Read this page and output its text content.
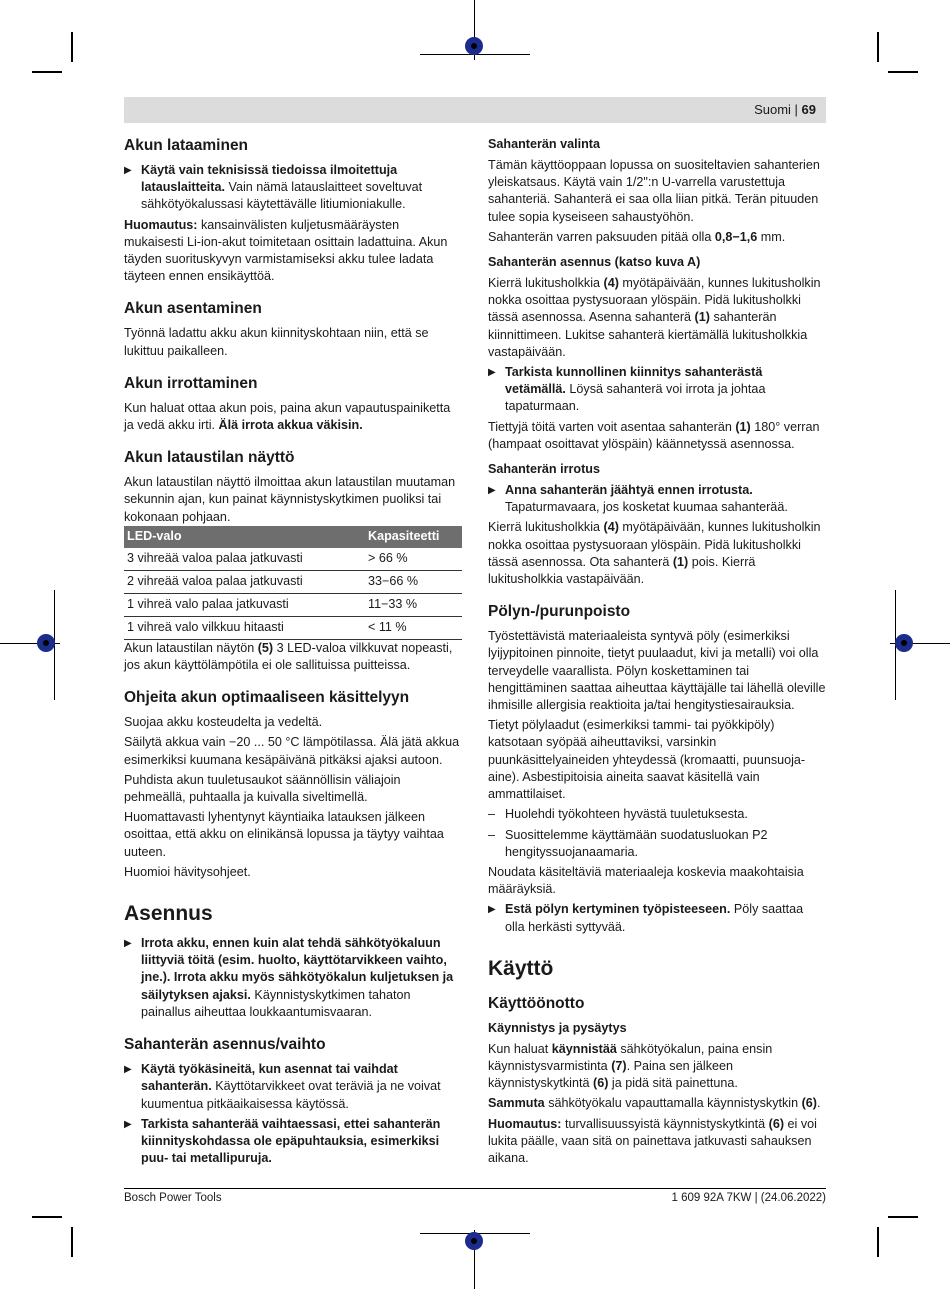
Suomi | 69
Akun lataaminen
▶ Käytä vain teknisissä tiedoissa ilmoitettuja latauslaitteita. Vain nämä latauslaitteet soveltuvat sähkötyökalussasi käytettävälle litiumioniakulle.

Huomautus: kansainvälisten kuljetusmääräysten mukaisesti Li-ion-akut toimitetaan osittain ladattuina. Akun täyden suorituskyvyn varmistamiseksi akku tulee ladata täyteen ennen ensikäyttöä.

Akun asentaminen

Työnnä ladattu akku akun kiinnityskohtaan niin, että se lukittuu paikalleen.

Akun irrottaminen

Kun haluat ottaa akun pois, paina akun vapautuspainiketta ja vedä akku irti. Älä irrota akkua väkisin.

Akun lataustilan näyttö

Akun lataustilan näyttö ilmoittaa akun lataustilan muutaman sekunnin ajan, kun painat käynnistyskytkimen puoliksi tai kokonaan pohjaan.

LED-valo	Kapasiteetti
3 vihreää valoa palaa jatkuvasti	> 66 %
2 vihreää valoa palaa jatkuvasti	33−66 %
1 vihreä valo palaa jatkuvasti	11−33 %
1 vihreä valo vilkkuu hitaasti	< 11 %

Akun lataustilan näytön (5) 3 LED-valoa vilkkuvat nopeasti, jos akun käyttölämpötila ei ole sallituissa puitteissa.

Ohjeita akun optimaaliseen käsittelyyn

Suojaa akku kosteudelta ja vedeltä.

Säilytä akkua vain −20 ... 50 °C lämpötilassa. Älä jätä akkua esimerkiksi kuumana kesäpäivänä pitkäksi ajaksi autoon.

Puhdista akun tuuletusaukot säännöllisin väliajoin pehmeällä, puhtaalla ja kuivalla siveltimellä.

Huomattavasti lyhentynyt käyntiaika latauksen jälkeen osoittaa, että akku on elinikänsä lopussa ja täytyy vaihtaa uuteen.

Huomioi hävitysohjeet.

Asennus
▶ Irrota akku, ennen kuin alat tehdä sähkötyökaluun liittyviä töitä (esim. huolto, käyttötarvikkeen vaihto, jne.). Irrota akku myös sähkötyökalun kuljetuksen ja säilytyksen ajaksi. Käynnistyskytkimen tahaton painallus aiheuttaa loukkaantumisvaaran.
Sahanterän asennus/vaihto
▶ Käytä työkäsineitä, kun asennat tai vaihdat sahanterän. Käyttötarvikkeet ovat teräviä ja ne voivat kuumentua pitkäaikaisessa käytössä.
▶ Tarkista sahanterää vaihtaessasi, ettei sahanterän kiinnityskohdassa ole epäpuhtauksia, esimerkiksi puu- tai metallipuruja.
Sahanterän valinta

Tämän käyttöoppaan lopussa on suositeltavien sahanterien yleiskatsaus. Käytä vain 1/2":n U-varrella varustettuja sahanteriä. Sahanterä ei saa olla liian pitkä. Terän pituuden tulee sopia kyseiseen sahaustyöhön.

Sahanterän varren paksuuden pitää olla 0,8−1,6 mm.

Sahanterän asennus (katso kuva A)

Kierrä lukitusholkkia (4) myötäpäivään, kunnes lukitusholkin nokka osoittaa pystysuoraan ylöspäin. Pidä lukitusholkki tässä asennossa. Asenna sahanterä (1) sahanterän kiinnittimeen. Lukitse sahanterä kiertämällä lukitusholkkia vastapäivään.

▶ Tarkista kunnollinen kiinnitys sahanterästä vetämällä. Löysä sahanterä voi irrota ja johtaa tapaturmaan.

Tiettyjä töitä varten voit asentaa sahanterän (1) 180° verran (hampaat osoittavat ylöspäin) käännetyssä asennossa.

Sahanterän irrotus
▶ Anna sahanterän jäähtyä ennen irrotusta. Tapaturmavaara, jos kosketat kuumaa sahanterää.

Kierrä lukitusholkkia (4) myötäpäivään, kunnes lukitusholkin nokka osoittaa pystysuoraan ylöspäin. Pidä lukitusholkki tässä asennossa. Ota sahanterä (1) pois. Kierrä lukitusholkkia vastapäivään.

Pölyn-/purunpoisto

Työstettävistä materiaaleista syntyvä pöly (esimerkiksi lyijypitoinen pinnoite, tietyt puulaadut, kivi ja metalli) voi olla terveydelle vaarallista. Pölyn koskettaminen tai hengittäminen saattaa aiheuttaa käyttäjälle tai lähellä oleville ihmisille allergisia reaktioita ja/tai hengitystiesairauksia.

Tietyt pölylaadut (esimerkiksi tammi- tai pyökkipöly) katsotaan syöpää aiheuttaviksi, varsinkin puunkäsittelyaineiden yhteydessä (kromaatti, puunsuoja-aine). Asbestipitoisia aineita saavat käsitellä vain ammattilaiset.

– Huolehdi työkohteen hyvästä tuuletuksesta.
– Suosittelemme käyttämään suodatusluokan P2 hengityssuojanaamaria.

Noudata käsiteltäviä materiaaleja koskevia maakohtaisia määräyksiä.

▶ Estä pölyn kertyminen työpisteeseen. Pöly saattaa olla herkästi syttyvää.
Käyttö
Käyttöönotto
Käynnistys ja pysäytys

Kun haluat käynnistää sähkötyökalun, paina ensin käynnistysvarmistinta (7). Paina sen jälkeen käynnistyskytkintä (6) ja pidä sitä painettuna.

Sammuta sähkötyökalu vapauttamalla käynnistyskytkin (6).

Huomautus: turvallisuussyistä käynnistyskytkintä (6) ei voi lukita päälle, vaan sitä on painettava jatkuvasti sahauksen aikana.

Bosch Power Tools	1 609 92A 7KW | (24.06.2022)
